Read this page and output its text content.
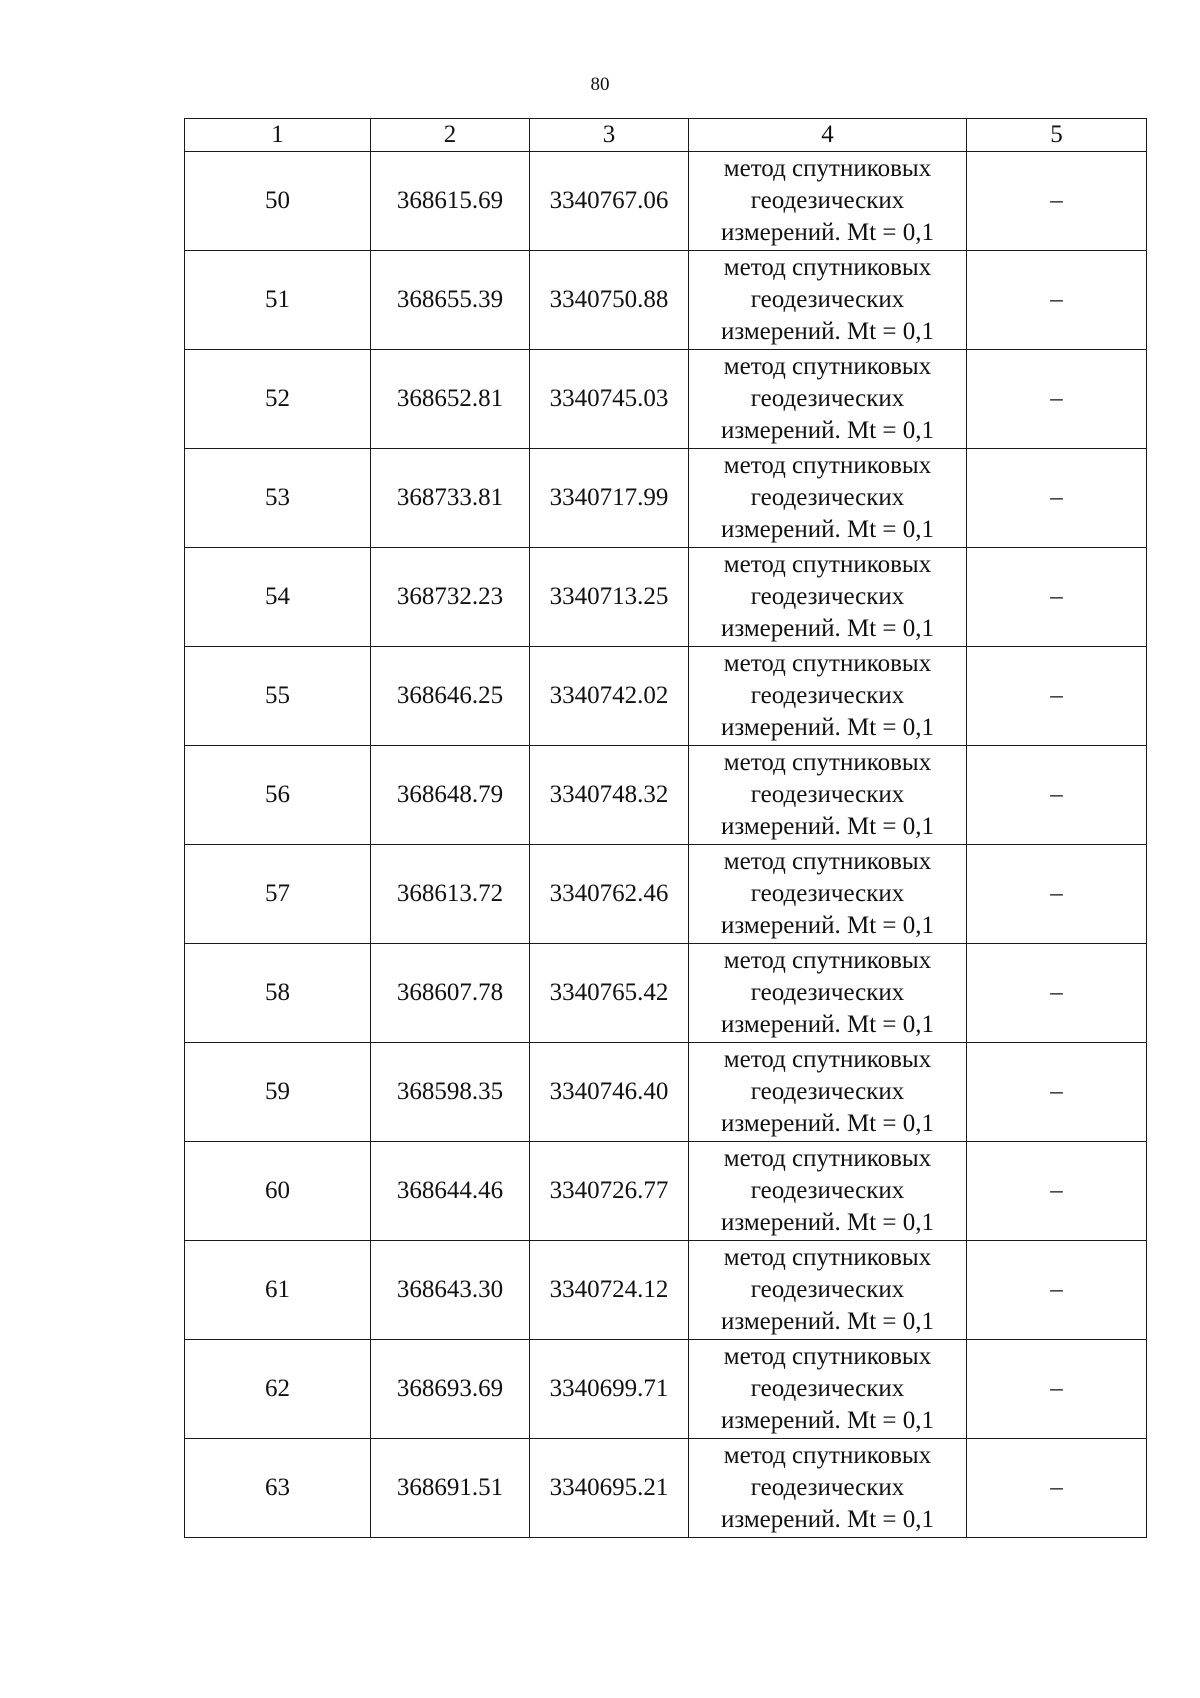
80
1	2	3	4	5
50	368615.69	3340767.06	метод спутниковых
геодезических
измерений. Mt = 0,1	–
51	368655.39	3340750.88	метод спутниковых
геодезических
измерений. Mt = 0,1	–
52	368652.81	3340745.03	метод спутниковых
геодезических
измерений. Mt = 0,1	–
53	368733.81	3340717.99	метод спутниковых
геодезических
измерений. Mt = 0,1	–
54	368732.23	3340713.25	метод спутниковых
геодезических
измерений. Mt = 0,1	–
55	368646.25	3340742.02	метод спутниковых
геодезических
измерений. Mt = 0,1	–
56	368648.79	3340748.32	метод спутниковых
геодезических
измерений. Mt = 0,1	–
57	368613.72	3340762.46	метод спутниковых
геодезических
измерений. Mt = 0,1	–
58	368607.78	3340765.42	метод спутниковых
геодезических
измерений. Mt = 0,1	–
59	368598.35	3340746.40	метод спутниковых
геодезических
измерений. Mt = 0,1	–
60	368644.46	3340726.77	метод спутниковых
геодезических
измерений. Mt = 0,1	–
61	368643.30	3340724.12	метод спутниковых
геодезических
измерений. Mt = 0,1	–
62	368693.69	3340699.71	метод спутниковых
геодезических
измерений. Mt = 0,1	–
63	368691.51	3340695.21	метод спутниковых
геодезических
измерений. Mt = 0,1	–
